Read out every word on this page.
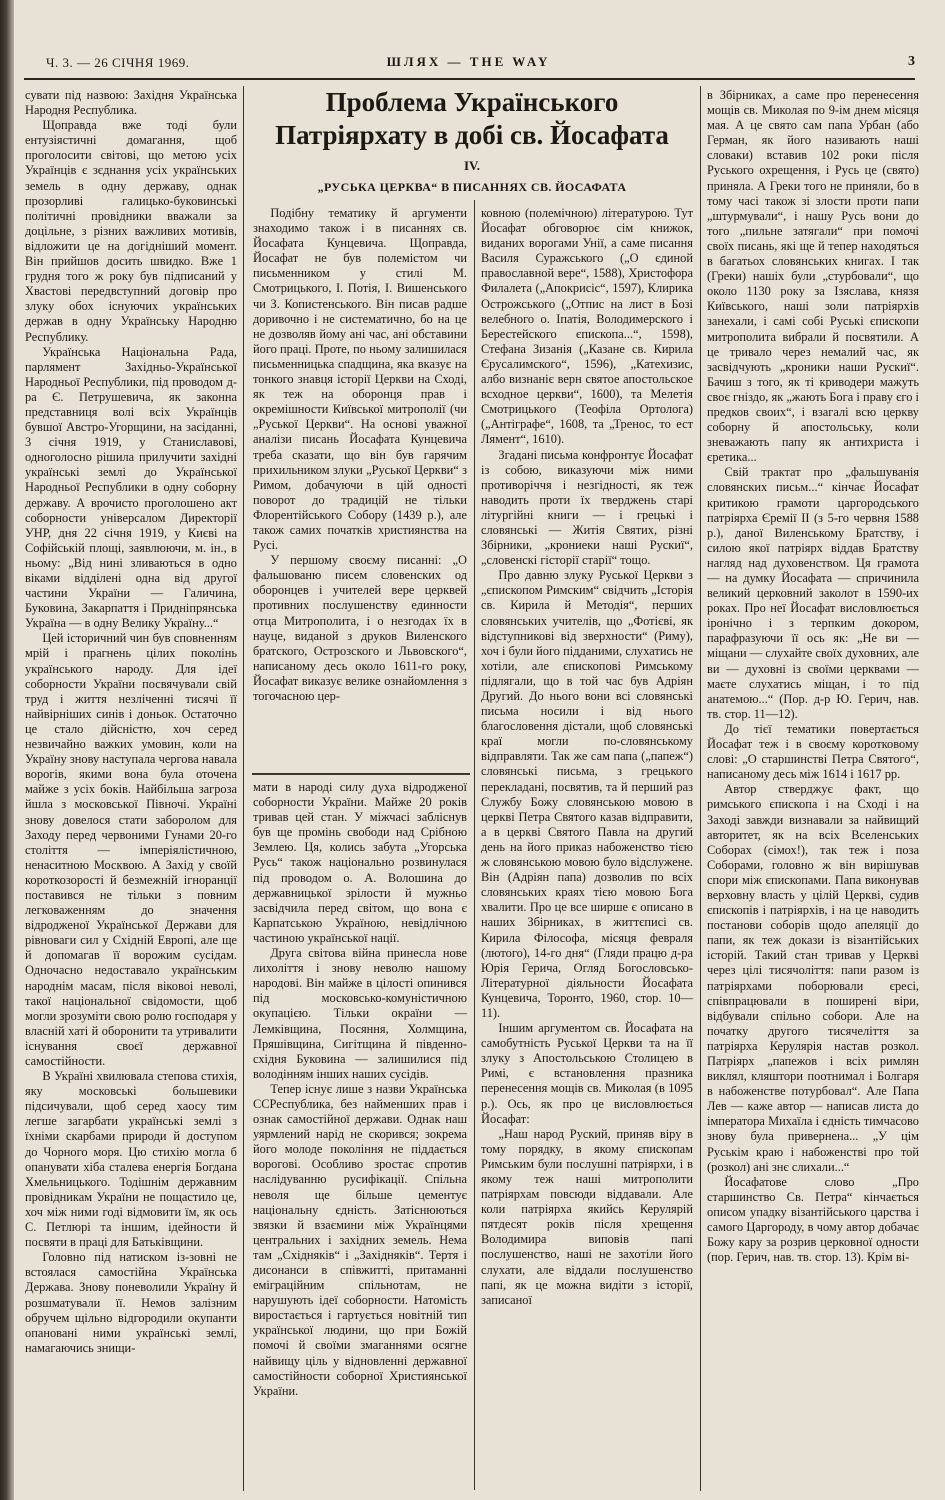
Ч. 3. — 26 СІЧНЯ 1969.	ШЛЯХ — THE WAY	3

сувати під назвою: Західня Українська Народня Республика.

Щоправда вже тоді були ентузіястичні домагання, щоб проголосити світові, що метою усіх Українців є зєднання усіх українських земель в одну державу, однак прозорливі галицько-буковинські політичні провідники вважали за доцільне, з різних важливих мотивів, відложити це на догідніший момент. Він прийшов досить швидко. Вже 1 грудня того ж року був підписаний у Хвастові передвступний договір про злуку обох існуючих українських держав в одну Українську Народню Республику.

Українська Національна Рада, парлямент Західньо-Української Народньої Республики, під проводом д-ра Є. Петрушевича, як законна представниця волі всіх Українців бувшої Австро-Угорщини, на засіданні, 3 січня 1919, у Станиславові, одноголосно рішила прилучити західні українські землі до Української Народньої Республики в одну соборну державу. А врочисто проголошено акт соборности універсалом Директорії УНР, дня 22 січня 1919, у Києві на Софійській площі, заявлюючи, м. ін., в ньому: „Від нині зливаються в одно віками відділені одна від другої частини України — Галичина, Буковина, Закарпаття і Придніпрянська Україна — в одну Велику Україну...“

Цей історичний чин був сповненням мрій і прагнень цілих поколінь українського народу. Для ідеї соборности України посвячували свій труд і життя незліченні тисячі її найвірніших синів і доньок. Остаточно це стало дійсністю, хоч серед незвичайно важких умовин, коли на Україну знову наступала чергова навала ворогів, якими вона була оточена майже з усіх боків. Найбільша загроза йшла з московської Півночі. Україні знову довелося стати заборолом для Заходу перед червоними Гунами 20-го століття — імперіялістичною, ненаситною Москвою. А Захід у своїй короткозорості й безмежній ігноранції поставився не тільки з повним легковаженням до значення відродженої Української Держави для рівноваги сил у Східній Европі, але ще й допомагав її ворожим сусідам. Одночасно недоставало українським народнім масам, після віковоі неволі, такої національної свідомости, щоб могли зрозуміти свою ролю господаря у власній хаті й оборонити та утривалити існування своєї державної самостійности.

В Україні хвилювала степова стихія, яку московські большевики підсичували, щоб серед хаосу тим легше загарбати українські землі з їхніми скарбами природи й доступом до Чорного моря. Цю стихію могла б опанувати хіба сталева енергія Богдана Хмельницького. Тодішнім державним провідникам України не пощастило це, хоч між ними годі відмовити їм, як ось С. Петлюрі та іншим, ідейности й посвяти в праці для Батьківщини.

Головно під натиском із-зовні не встоялася самостійна Українська Держава. Знову поневолили Україну й розшматували її. Немов залізним обручем щільно відгородили окупанти опановані ними українські землі, намагаючись знищи-

Проблема Українського Патріярхату в добі св. Йосафата
IV.
„РУСЬКА ЦЕРКВА“ В ПИСАННЯХ СВ. ЙОСАФАТА

Подібну тематику й аргументи знаходимо також і в писаннях св. Йосафата Кунцевича. Щоправда, Йосафат не був полемістом чи письменником у стилі М. Смотрицького, І. Потія, І. Вишенського чи З. Копистенського. Він писав радше доривочно і не систематично, бо на це не дозволяв йому ані час, ані обставини його праці. Проте, по ньому залишилася письменницька спадщина, яка вказує на тонкого знавця історії Церкви на Сході, як теж на оборонця прав і окремішности Київської митрополії (чи „Руської Церкви“. На основі уважної аналізи писань Йосафата Кунцевича треба сказати, що він був гарячим прихильником злуки „Руської Церкви“ з Римом, добачуючи в цій одності поворот до традицій не тільки Флорентійського Собору (1439 р.), але також самих початків християнства на Русі.

У першому своєму писанні: „О фальшованю писем словенских од оборонцев і учителей вере церквей противних послушенству единности отца Митрополита, і о незгодах їх в науце, виданой з друков Виленского братского, Острозского и Львовского“, написаному десь около 1611-го року, Йосафат виказує велике ознайомлення з тогочасною цер-

мати в народі силу духа відродженої соборности України. Майже 20 років тривав цей стан. У міжчасі забліснув був ще промінь свободи над Срібною Землею. Ця, колись забута „Угорська Русь“ також національно розвинулася під проводом о. А. Волошина до державницької зрілости й мужньо засвідчила перед світом, що вона є Карпатською Україною, невідлічною частиною української нації.

Друга світова війна принесла нове лихоліття і знову неволю нашому народові. Він майже в цілості опинився під московсько-комуністичною окупацією. Тільки окраїни — Лемківщина, Посяння, Холмщина, Пряшівщина, Сигітщина й південно-східня Буковина — залишилися під володінням інших наших сусідів.

Тепер існує лише з назви Українська ССРеспублика, без найменших прав і ознак самостійної держави. Однак наш уярмлений нарід не скорився; зокрема його молоде покоління не піддається ворогові. Особливо зростає спротив наслідуванню русифікації. Спільна неволя ще більше цементує національну єдність. Затіснюються звязки й взаємини між Українцями центральних і західних земель. Нема там „Східняків“ і „Західняків“. Тертя і дисонанси в співжитті, притаманні еміграційним спільнотам, не нарушують ідеї соборности. Натомість виростається і гартується новітній тип української людини, що при Божій помочі й своїми змаганнями осягне найвищу ціль у відновленні державної самостійности соборної Християнської України.

ковною (полемічною) літературою. Тут Йосафат обговорює сім книжок, виданих ворогами Унії, а саме писання Василя Суражського („О єдиной православной вере“, 1588), Христофора Филалета („Апокрисіс“, 1597), Клирика Острожського („Отпис на лист в Бозі велебного о. Іпатія, Володимерского і Берестейского єпископа...“, 1598), Стефана Зизанія („Казане св. Кирила Єрусалимского“, 1596), „Катехизис, албо визнаніє верн святое апостольское всходное церкви“, 1600), та Мелетія Смотрицького (Теофіла Ортолога) („Антіграфе“, 1608, та „Тренос, то ест Лямент“, 1610).

Згадані письма конфронтує Йосафат із собою, виказуючи між ними противоріччя і незгідності, як теж наводить проти їх тверджень старі літургійні книги — і грецькі і словянські — Житія Святих, різні Збірники, „крониеки наші Рускиї“, „словенскі гісторії старії“ тощо.

Про давню злуку Руської Церкви з „єпископом Римским“ свідчить „Історія св. Кирила й Методія“, перших словянських учителів, що „Фотієві, як відступникові від зверхности“ (Риму), хоч і були його підданими, слухатись не хотіли, але єпископові Римському підлягали, що в той час був Адріян Другий. До нього вони всі словянські письма носили і від нього благословення дістали, щоб словянські краї могли по-словянському відправляти. Так же сам папа („папеж“) словянські письма, з грецького перекладані, посвятив, та й перший раз Службу Божу словянською мовою в церкві Петра Святого казав відправити, а в церкві Святого Павла на другий день на його приказ набоженство тією ж словянською мовою було відслужене. Він (Адріян папа) дозволив по всіх словянських краях тією мовою Бога хвалити. Про це все ширше є описано в наших Збірниках, в життєписі св. Кирила Філософа, місяця февраля (лютого), 14-го дня“ (Гляди працю д-ра Юрія Герича, Огляд Богословсько-Літературної діяльности Йосафата Кунцевича, Торонто, 1960, стор. 10—11).

Іншим аргументом св. Йосафата на самобутність Руської Церкви та на її злуку з Апостольською Столицею в Римі, є встановлення празника перенесення мощів св. Миколая (в 1095 р.). Ось, як про це висловлюється Йосафат:

„Наш народ Руский, приняв віру в тому порядку, в якому єпископам Римським були послушні патріярхи, і в якому теж наші митрополити патріярхам повсюди віддавали. Але коли патріярха якийсь Керулярій пятдесят років після хрещення Володимира виповів папі послушенство, наші не захотіли його слухати, але віддали послушенство папі, як це можна видіти з історії, записаної

в Збірниках, а саме про перенесення мощів св. Миколая по 9-ім днем місяця мая. А це свято сам папа Урбан (або Герман, як його називають наші словаки) вставив 102 роки після Руського охрещення, і Русь це (свято) приняла. А Греки того не приняли, бо в тому часі також зі злости проти папи „штурмували“, і нашу Русь вони до того „пильне затягали“ при помочі своїх писань, які ще й тепер находяться в багатьох словянських книгах. І так (Греки) нашіх були „стурбовали“, що около 1130 року за Ізяслава, князя Київського, наші золи патріярхів занехали, і самі собі Руські єпископи митрополита вибрали й посвятили. А це тривало через немалий час, як засвідчують „кроники наши Рускиї“. Бачиш з того, як ті криводери мажуть своє гніздо, як „жають Бога і праву єго і предков своих“, і взагалі всю церкву соборну й апостольську, коли зневажають папу як антихриста і єретика...

Свій трактат про „фальшуванія словянских письм...“ кінчає Йосафат критикою грамоти царгородського патріярха Єремії II (з 5-го червня 1588 р.), даної Виленському Братству, і силою якої патріярх віддав Братству нагляд над духовенством. Ця грамота — на думку Йосафата — спричинила великий церковний заколот в 1590-их роках. Про неї Йосафат висловлюється іронічно і з терпким докором, парафразуючи її ось як: „Не ви — міщани — слухайте своїх духовних, але ви — духовні із своїми церквами — маєте слухатись міщан, і то під анатемою...“ (Пор. д-р Ю. Герич, нав. тв. стор. 11—12).

До тієї тематики повертається Йосафат теж і в своєму коротковому слові: „О старшинстві Петра Святого“, написаному десь між 1614 і 1617 рр.

Автор стверджує факт, що римського єпископа і на Сході і на Заході завжди визнавали за найвищий авторитет, як на всіх Вселенських Соборах (сімох!), так теж і поза Соборами, головно ж він вирішував спори між єпископами. Папа виконував верховну власть у цілій Церкві, судив єпископів і патріярхів, і на це наводить постанови соборів щодо апеляції до папи, як теж докази із візантійських історій. Такий стан тривав у Церкві через цілі тисячоліття: папи разом із патріярхами поборювали єресі, співпрацювали в поширені віри, відбували спільно собори. Але на початку другого тисячеліття за патріярха Керулярія настав розкол. Патріярх „папежов і всіх римлян виклял, кляштори поотнимал і Болгаря в набоженстве потурбовал“. Але Папа Лев — каже автор — написав листа до імператора Михаїла і єдність тимчасово знову була привернена... „У цім Руськім краю і набоженстві про той (розкол) ані знє слихали...“

Йосафатове слово „Про старшинство Св. Петра“ кінчається описом упадку візантійського царства і самого Царгороду, в чому автор добачає Божу кару за розрив церковної одности (пор. Герич, нав. тв. стор. 13). Крім ві-
